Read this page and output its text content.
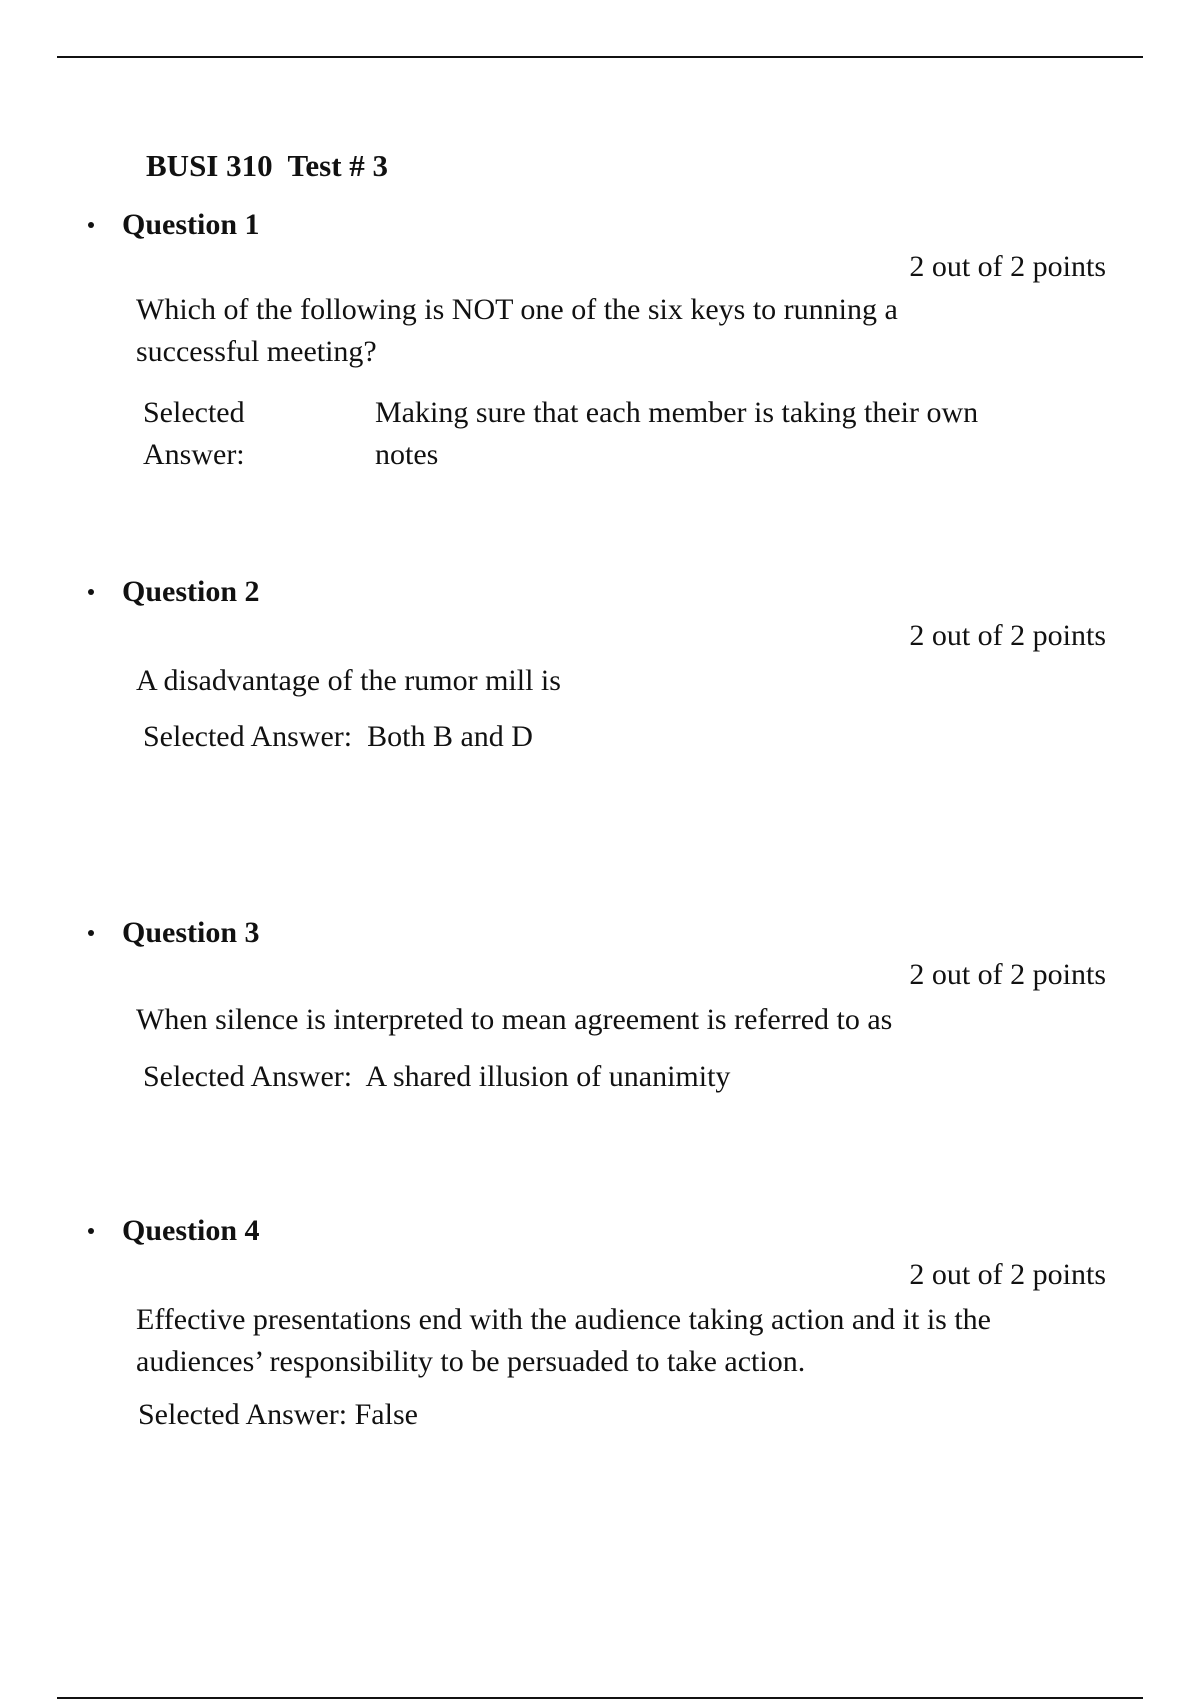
BUSI 310  Test # 3
Question 1
2 out of 2 points
Which of the following is NOT one of the six keys to running a successful meeting?
Selected Answer:
Making sure that each member is taking their own notes
Question 2
2 out of 2 points
A disadvantage of the rumor mill is
Selected Answer:  Both B and D
Question 3
2 out of 2 points
When silence is interpreted to mean agreement is referred to as
Selected Answer:  A shared illusion of unanimity
Question 4
2 out of 2 points
Effective presentations end with the audience taking action and it is the audiences’ responsibility to be persuaded to take action.
Selected Answer: False
